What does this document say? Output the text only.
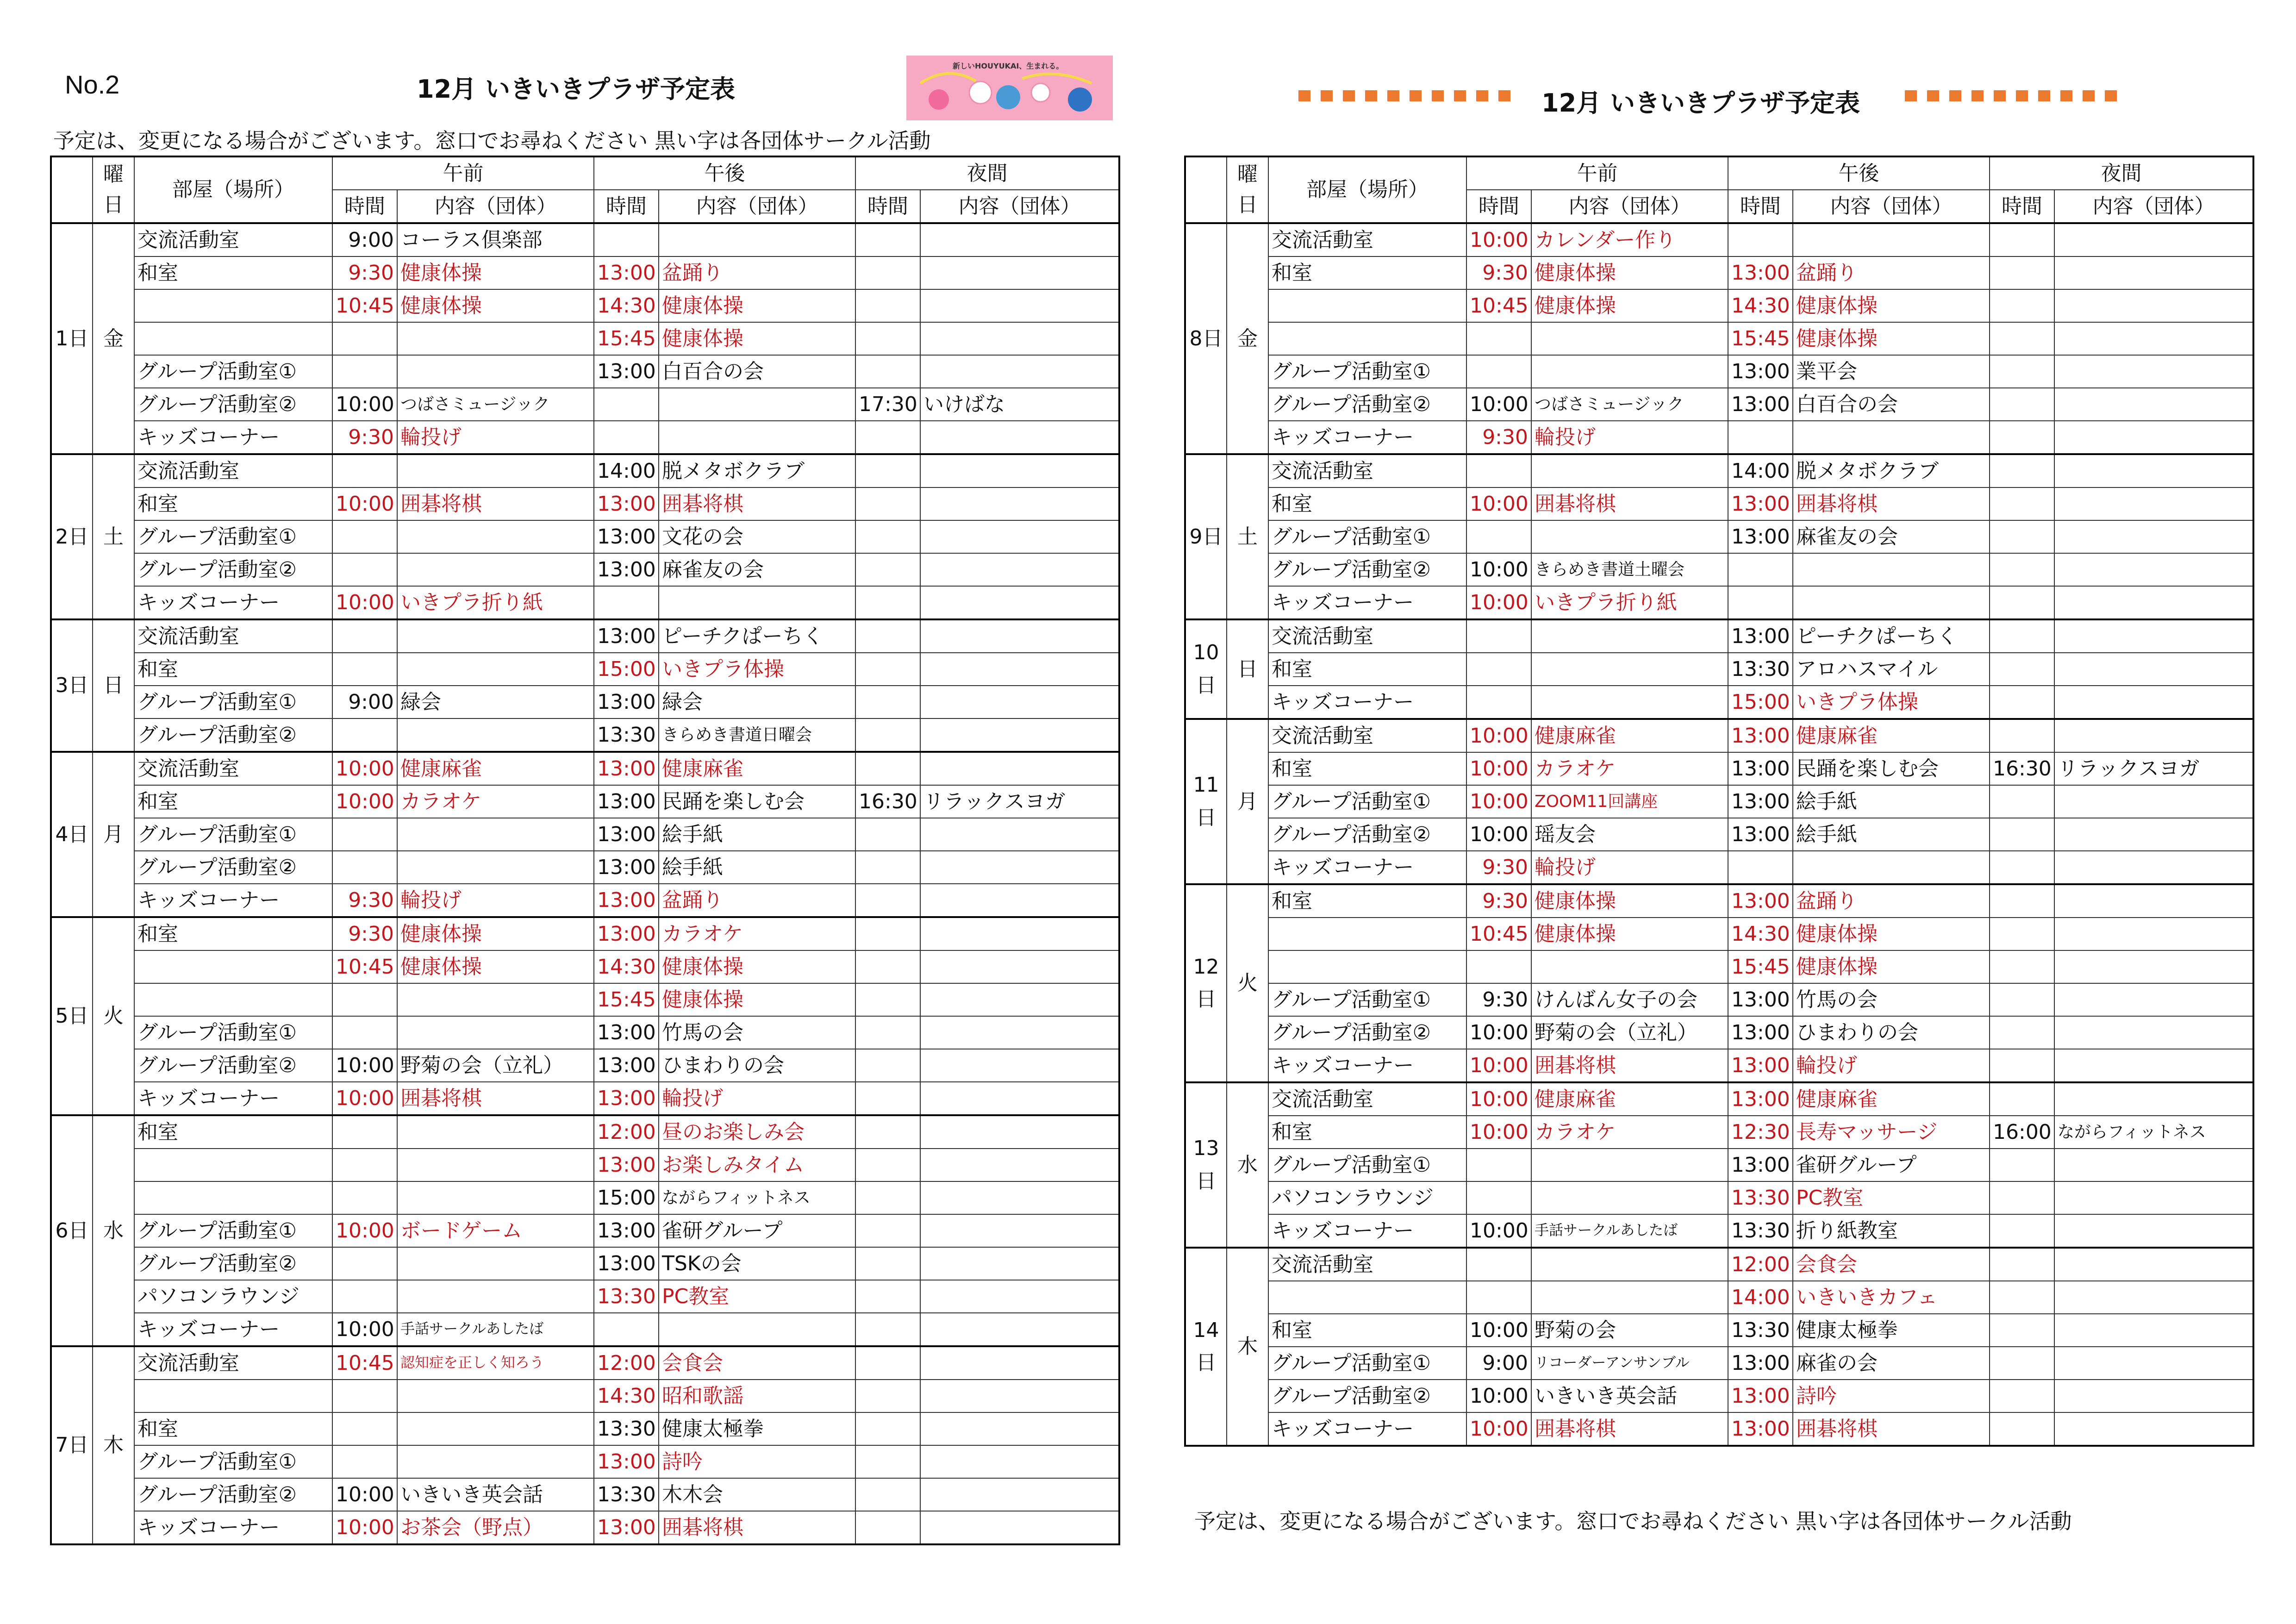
No.2	12月 いきいきプラザ予定表
新しいHOUYUKAI、生まれる。
予定は、変更になる場合がございます。窓口でお尋ねください 黒い字は各団体サークル活動
12月 いきいきプラザ予定表
	曜日	部屋（場所）	午前		午後		夜間	
			時間	内容（団体）	時間	内容（団体）	時間	内容（団体）
1日	金	交流活動室	9:00	コーラス倶楽部				
		和室	9:30	健康体操	13:00	盆踊り		
			10:45	健康体操	14:30	健康体操		
					15:45	健康体操		
		グループ活動室①			13:00	白百合の会		
		グループ活動室②	10:00	つばさミュージック			17:30	いけばな
		キッズコーナー	9:30	輪投げ				
2日	土	交流活動室			14:00	脱メタボクラブ		
		和室	10:00	囲碁将棋	13:00	囲碁将棋		
		グループ活動室①			13:00	文花の会		
		グループ活動室②			13:00	麻雀友の会		
		キッズコーナー	10:00	いきプラ折り紙				
3日	日	交流活動室			13:00	ピーチクぱーちく		
		和室			15:00	いきプラ体操		
		グループ活動室①	9:00	緑会	13:00	緑会		
		グループ活動室②			13:30	きらめき書道日曜会		
4日	月	交流活動室	10:00	健康麻雀	13:00	健康麻雀		
		和室	10:00	カラオケ	13:00	民踊を楽しむ会	16:30	リラックスヨガ
		グループ活動室①			13:00	絵手紙		
		グループ活動室②			13:00	絵手紙		
		キッズコーナー	9:30	輪投げ	13:00	盆踊り		
5日	火	和室	9:30	健康体操	13:00	カラオケ		
			10:45	健康体操	14:30	健康体操		
					15:45	健康体操		
		グループ活動室①			13:00	竹馬の会		
		グループ活動室②	10:00	野菊の会（立礼）	13:00	ひまわりの会		
		キッズコーナー	10:00	囲碁将棋	13:00	輪投げ		
6日	水	和室			12:00	昼のお楽しみ会		
					13:00	お楽しみタイム		
					15:00	ながらフィットネス		
		グループ活動室①	10:00	ボードゲーム	13:00	雀研グループ		
		グループ活動室②			13:00	TSKの会		
		パソコンラウンジ			13:30	PC教室		
		キッズコーナー	10:00	手話サークルあしたば				
7日	木	交流活動室	10:45	認知症を正しく知ろう	12:00	会食会		
					14:30	昭和歌謡		
		和室			13:30	健康太極拳		
		グループ活動室①			13:00	詩吟		
		グループ活動室②	10:00	いきいき英会話	13:30	木木会		
		キッズコーナー	10:00	お茶会（野点）	13:00	囲碁将棋		
	曜日	部屋（場所）	午前		午後		夜間	
			時間	内容（団体）	時間	内容（団体）	時間	内容（団体）
8日	金	交流活動室	10:00	カレンダー作り				
		和室	9:30	健康体操	13:00	盆踊り		
			10:45	健康体操	14:30	健康体操		
					15:45	健康体操		
		グループ活動室①			13:00	業平会		
		グループ活動室②	10:00	つばさミュージック	13:00	白百合の会		
		キッズコーナー	9:30	輪投げ				
9日	土	交流活動室			14:00	脱メタボクラブ		
		和室	10:00	囲碁将棋	13:00	囲碁将棋		
		グループ活動室①			13:00	麻雀友の会		
		グループ活動室②	10:00	きらめき書道土曜会				
		キッズコーナー	10:00	いきプラ折り紙				
10日	日	交流活動室			13:00	ピーチクぱーちく		
		和室			13:30	アロハスマイル		
		キッズコーナー			15:00	いきプラ体操		
11日	月	交流活動室	10:00	健康麻雀	13:00	健康麻雀		
		和室	10:00	カラオケ	13:00	民踊を楽しむ会	16:30	リラックスヨガ
		グループ活動室①	10:00	ZOOM11回講座	13:00	絵手紙		
		グループ活動室②	10:00	瑶友会	13:00	絵手紙		
		キッズコーナー	9:30	輪投げ				
12日	火	和室	9:30	健康体操	13:00	盆踊り		
			10:45	健康体操	14:30	健康体操		
					15:45	健康体操		
		グループ活動室①	9:30	けんばん女子の会	13:00	竹馬の会		
		グループ活動室②	10:00	野菊の会（立礼）	13:00	ひまわりの会		
		キッズコーナー	10:00	囲碁将棋	13:00	輪投げ		
13日	水	交流活動室	10:00	健康麻雀	13:00	健康麻雀		
		和室	10:00	カラオケ	12:30	長寿マッサージ	16:00	ながらフィットネス
		グループ活動室①			13:00	雀研グループ		
		パソコンラウンジ			13:30	PC教室		
		キッズコーナー	10:00	手話サークルあしたば	13:30	折り紙教室		
14日	木	交流活動室			12:00	会食会		
					14:00	いきいきカフェ		
		和室	10:00	野菊の会	13:30	健康太極拳		
		グループ活動室①	9:00	リコーダーアンサンブル	13:00	麻雀の会		
		グループ活動室②	10:00	いきいき英会話	13:00	詩吟		
		キッズコーナー	10:00	囲碁将棋	13:00	囲碁将棋		
予定は、変更になる場合がございます。窓口でお尋ねください 黒い字は各団体サークル活動
